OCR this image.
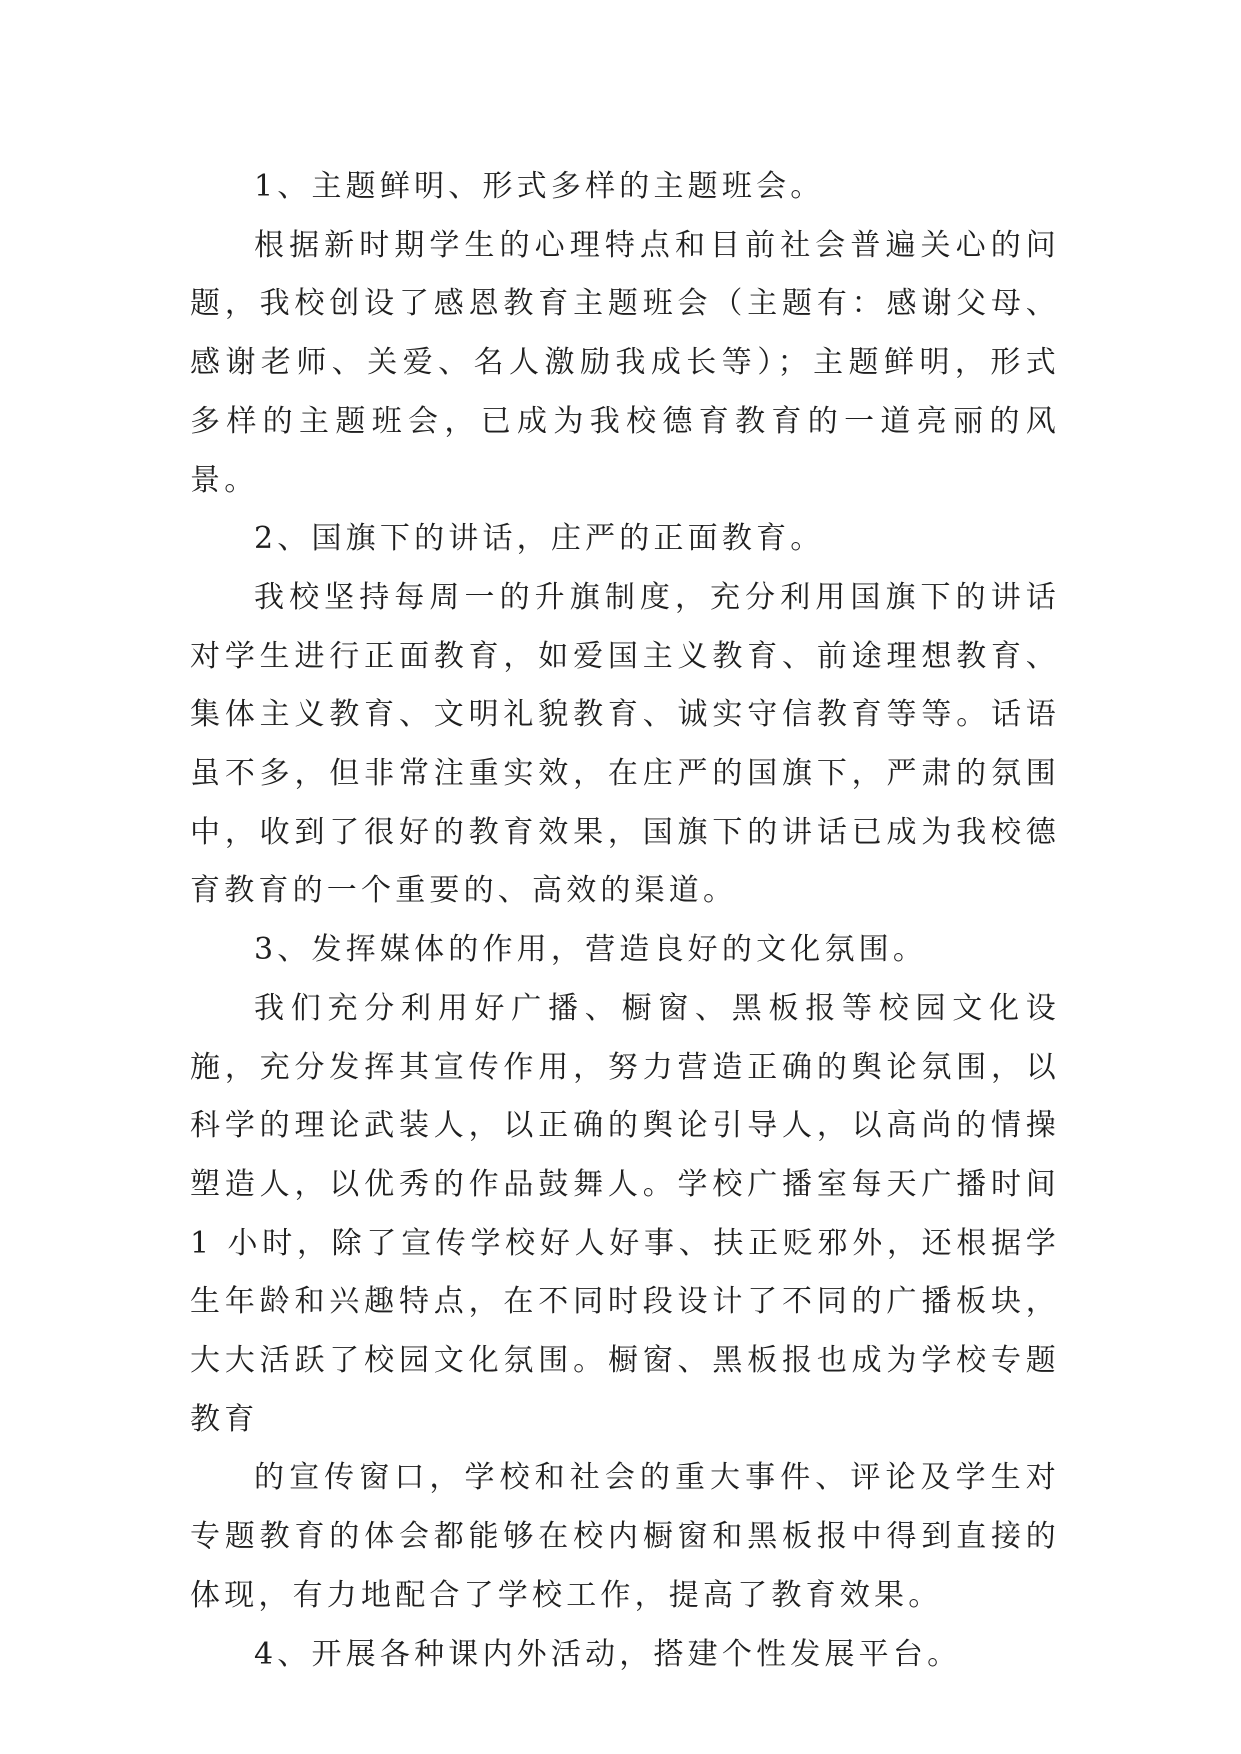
1、主题鲜明、形式多样的主题班会。

根据新时期学生的心理特点和目前社会普遍关心的问题，我校创设了感恩教育主题班会（主题有：感谢父母、感谢老师、关爱、名人激励我成长等）；主题鲜明，形式多样的主题班会，已成为我校德育教育的一道亮丽的风景。

2、国旗下的讲话，庄严的正面教育。

我校坚持每周一的升旗制度，充分利用国旗下的讲话对学生进行正面教育，如爱国主义教育、前途理想教育、集体主义教育、文明礼貌教育、诚实守信教育等等。话语虽不多，但非常注重实效，在庄严的国旗下，严肃的氛围中，收到了很好的教育效果，国旗下的讲话已成为我校德育教育的一个重要的、高效的渠道。

3、发挥媒体的作用，营造良好的文化氛围。

我们充分利用好广播、橱窗、黑板报等校园文化设施，充分发挥其宣传作用，努力营造正确的舆论氛围，以科学的理论武装人，以正确的舆论引导人，以高尚的情操塑造人，以优秀的作品鼓舞人。学校广播室每天广播时间 1 小时，除了宣传学校好人好事、扶正贬邪外，还根据学生年龄和兴趣特点，在不同时段设计了不同的广播板块，大大活跃了校园文化氛围。橱窗、黑板报也成为学校专题教育

的宣传窗口，学校和社会的重大事件、评论及学生对专题教育的体会都能够在校内橱窗和黑板报中得到直接的体现，有力地配合了学校工作，提高了教育效果。

4、开展各种课内外活动，搭建个性发展平台。
